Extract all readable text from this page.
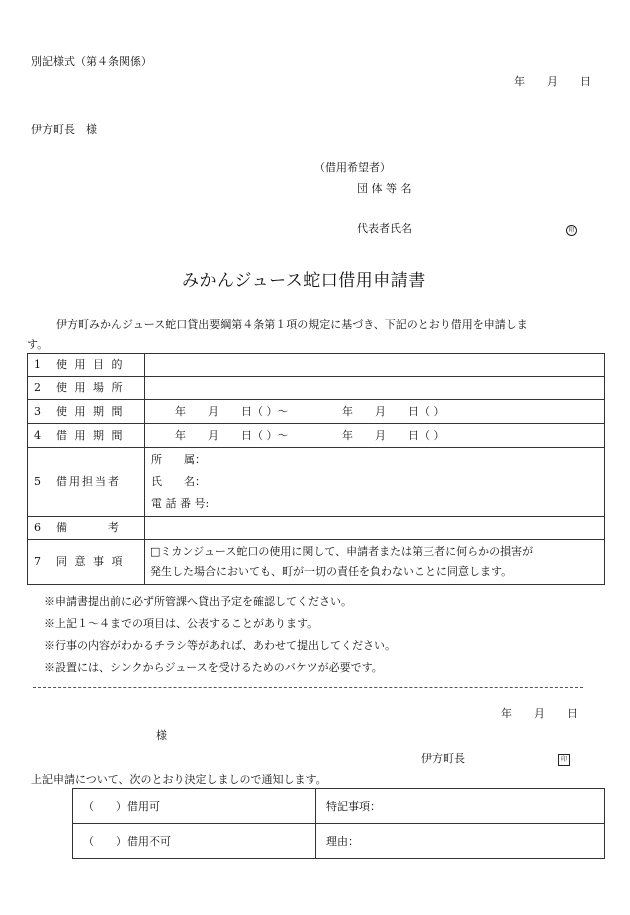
別記様式（第４条関係）
年　　月　　日
伊方町長　様
（借用希望者）
団 体 等 名
代表者氏名	印
みかんジュース蛇口借用申請書
伊方町みかんジュース蛇口貸出要綱第４条第１項の規定に基づき、下記のとおり借用を申請しま
す。
1　使 用 目 的	
2　使 用 場 所	
3　使 用 期 間	年　　月　　日（ ）～ 年　　月　　日（ ）
4　借 用 期 間	年　　月　　日（ ）～ 年　　月　　日（ ）
5　借用担当者	所　　属：
氏　　名：
電 話 番 号:

6　備　　　考	
7　同 意 事 項	□ミカンジュース蛇口の使用に関して、申請者または第三者に何らかの損害が
発生した場合においても、町が一切の責任を負わないことに同意します。
※申請書提出前に必ず所管課へ貸出予定を確認してください。
※上記１～４までの項目は、公表することがあります。
※行事の内容がわかるチラシ等があれば、あわせて提出してください。
※設置には、シンクからジュースを受けるためのバケツが必要です。
年　　月　　日
様
伊方町長	印
上記申請について、次のとおり決定しましので通知します。
（　　）借用可	特記事項：
（　　）借用不可	理由：
